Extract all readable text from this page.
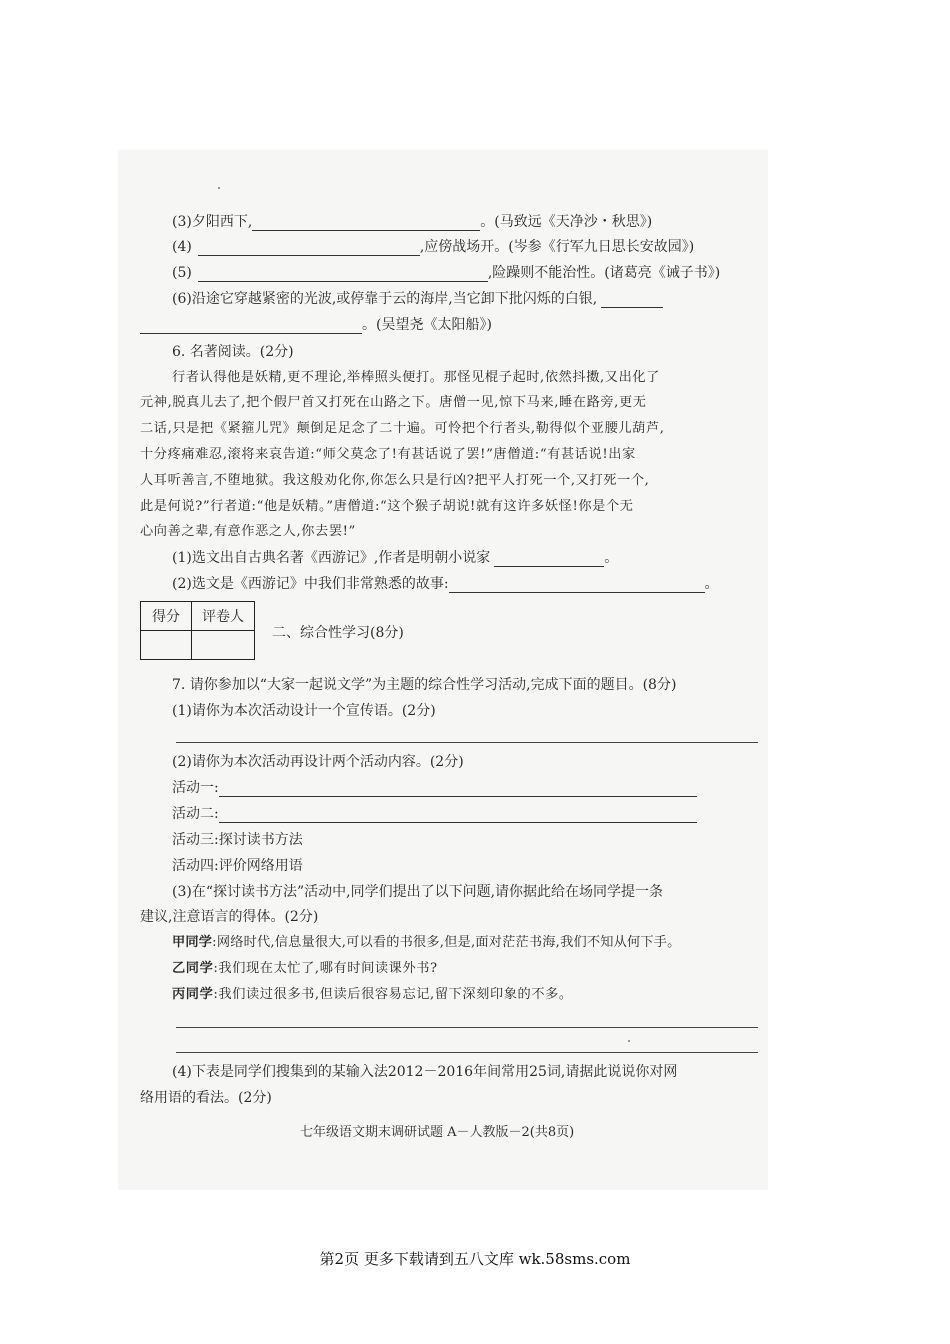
(3)夕阳西下,	。(马致远《天净沙・秋思》)
(4)	,应傍战场开。(岑参《行军九日思长安故园》)
(5)	,险躁则不能治性。(诸葛亮《诫子书》)
(6)沿途它穿越紧密的光波,或停靠于云的海岸,当它卸下批闪烁的白银,
。(吴望尧《太阳船》)
6. 名著阅读。(2分)
行者认得他是妖精,更不理论,举棒照头便打。那怪见棍子起时,依然抖擞,又出化了
元神,脱真儿去了,把个假尸首又打死在山路之下。唐僧一见,惊下马来,睡在路旁,更无
二话,只是把《紧箍儿咒》颠倒足足念了二十遍。可怜把个行者头,勒得似个亚腰儿葫芦,
十分疼痛难忍,滚将来哀告道:“师父莫念了!有甚话说了罢!”唐僧道:“有甚话说!出家
人耳听善言,不堕地狱。我这般劝化你,你怎么只是行凶?把平人打死一个,又打死一个,
此是何说?”行者道:“他是妖精。”唐僧道:“这个猴子胡说!就有这许多妖怪!你是个无
心向善之辈,有意作恶之人,你去罢!”
(1)选文出自古典名著《西游记》,作者是明朝小说家	。
(2)选文是《西游记》中我们非常熟悉的故事:	。
得分	评卷人

二、综合性学习(8分)
7. 请你参加以“大家一起说文学”为主题的综合性学习活动,完成下面的题目。(8分)
(1)请你为本次活动设计一个宣传语。(2分)
(2)请你为本次活动再设计两个活动内容。(2分)
活动一:
活动二:
活动三:探讨读书方法
活动四:评价网络用语
(3)在“探讨读书方法”活动中,同学们提出了以下问题,请你据此给在场同学提一条
建议,注意语言的得体。(2分)
甲同学:网络时代,信息量很大,可以看的书很多,但是,面对茫茫书海,我们不知从何下手。
乙同学:我们现在太忙了,哪有时间读课外书?
丙同学:我们读过很多书,但读后很容易忘记,留下深刻印象的不多。
(4)下表是同学们搜集到的某输入法2012－2016年间常用25词,请据此说说你对网
络用语的看法。(2分)
七年级语文期末调研试题 A－人教版－2(共8页)
第2页 更多下载请到五八文库 wk.58sms.com
